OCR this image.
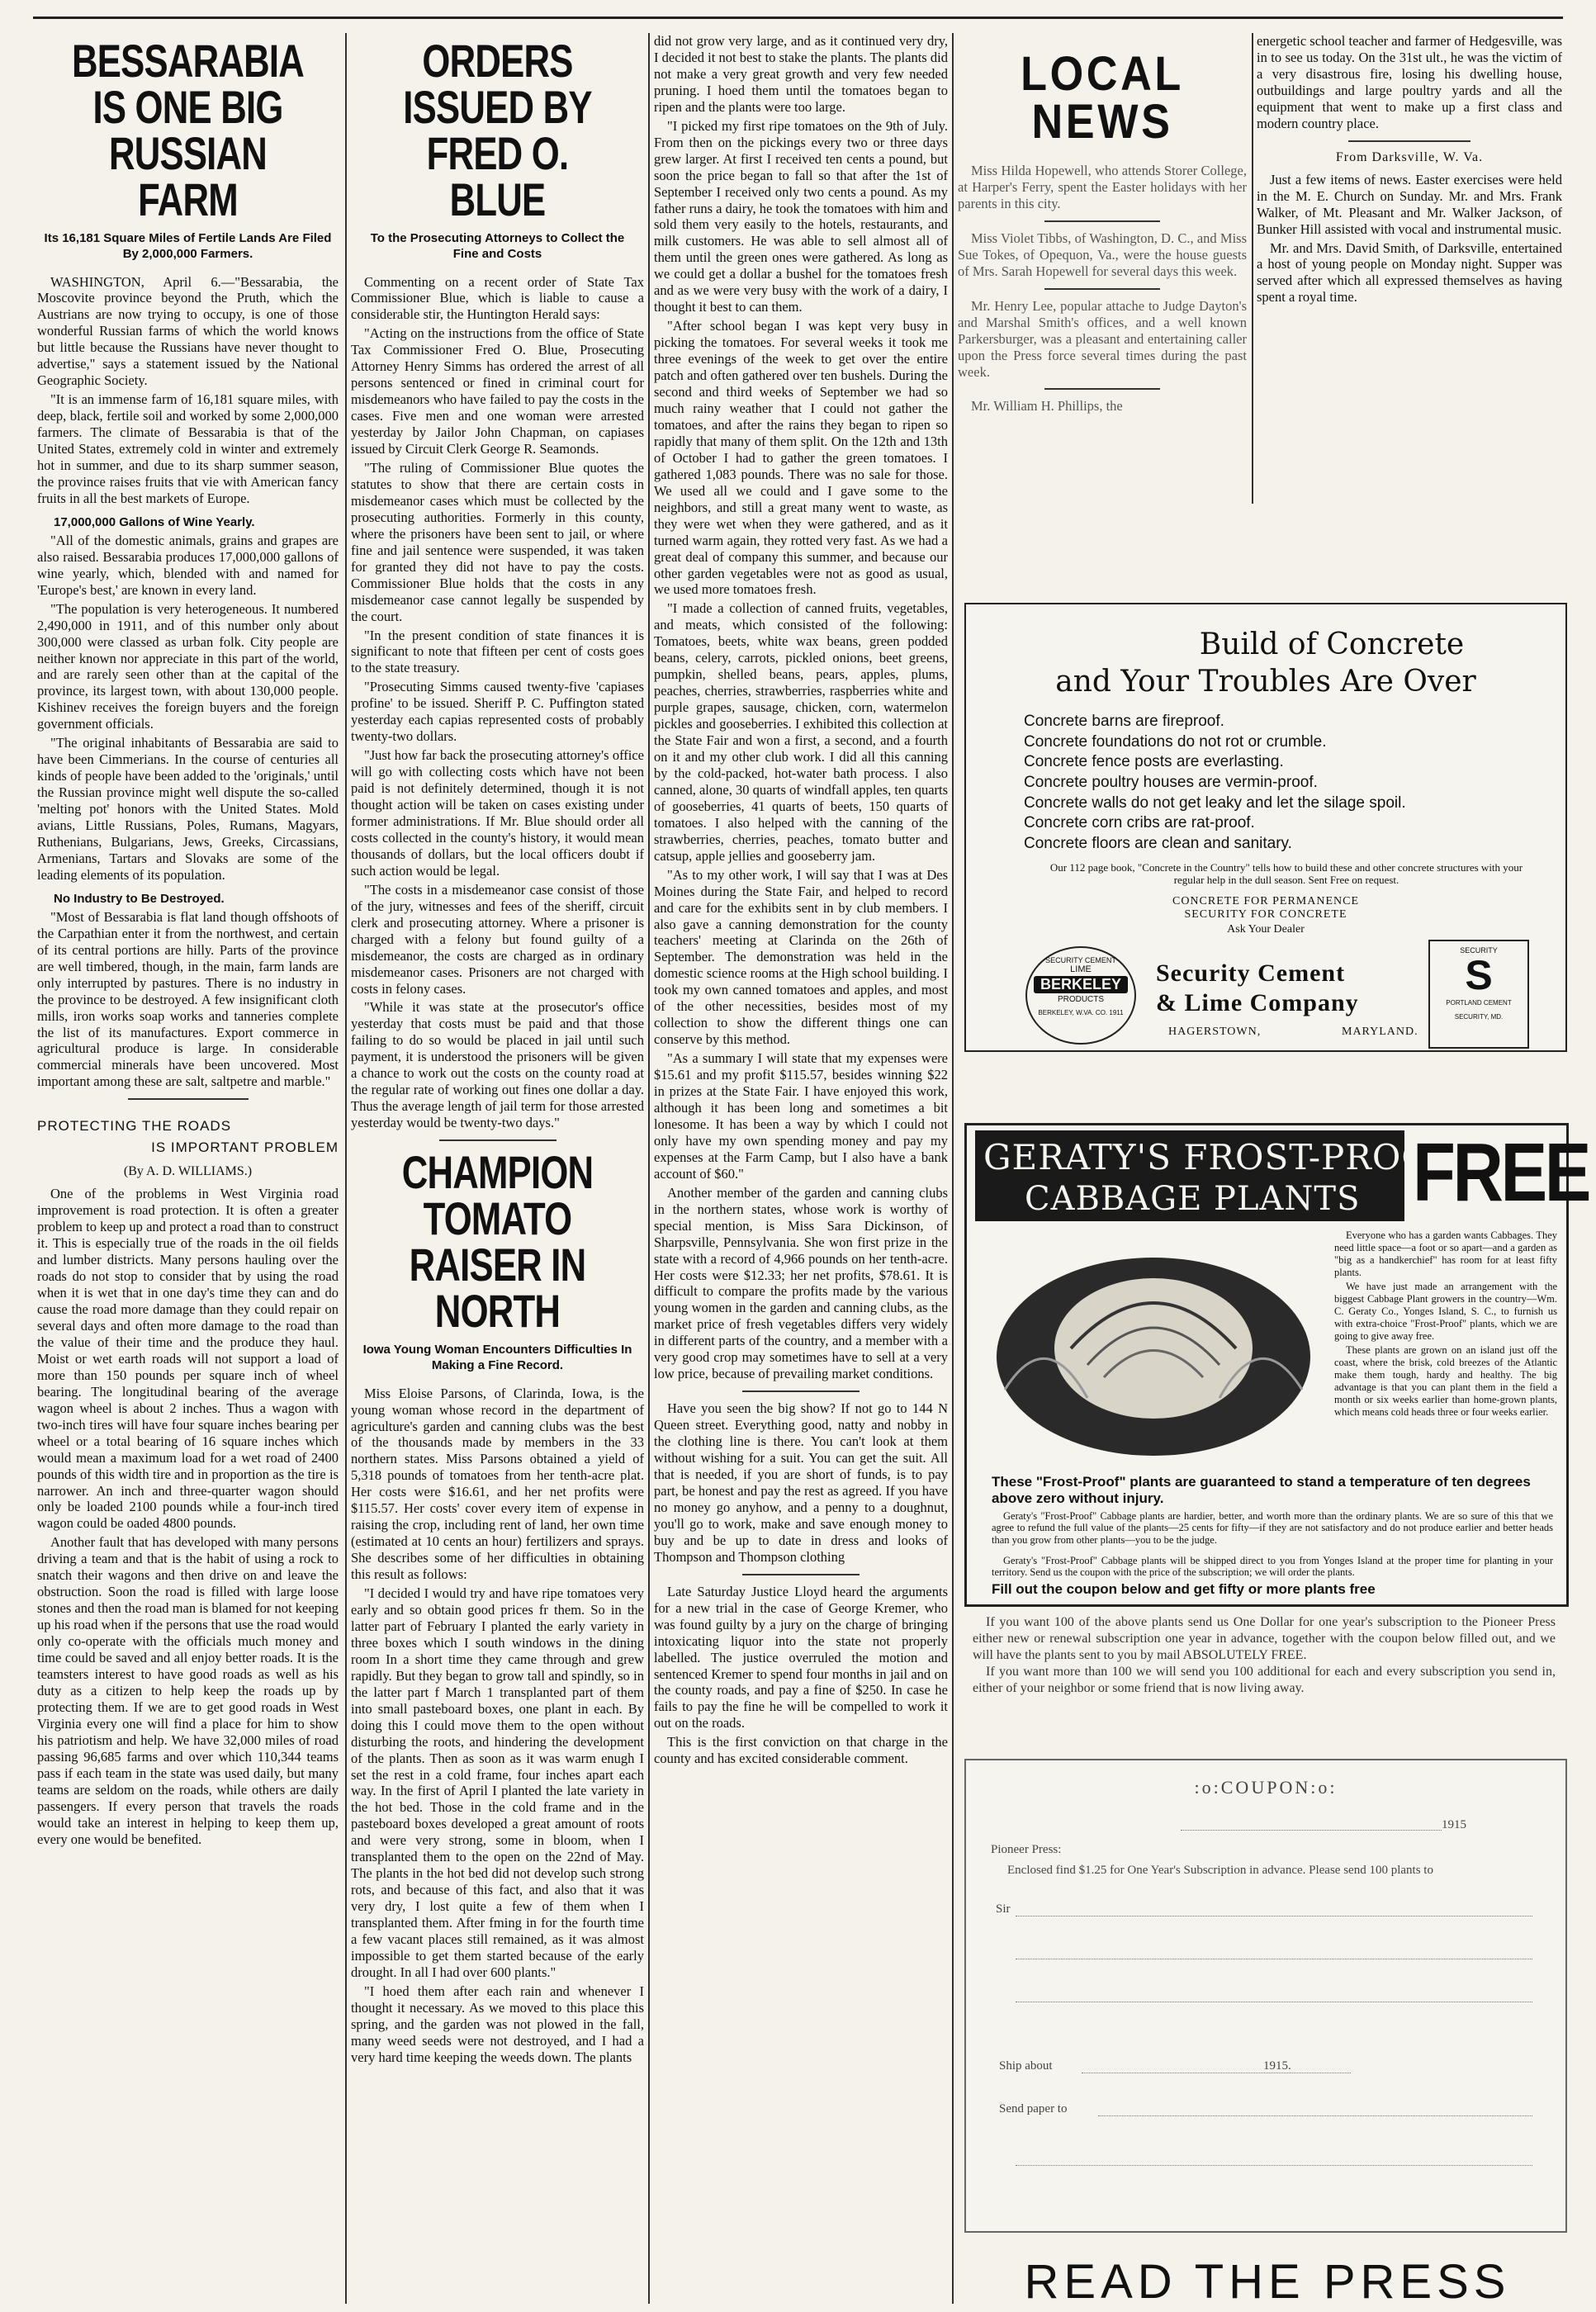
BESSARABIA IS ONE BIG RUSSIAN FARM
Its 16,181 Square Miles of Fertile Lands Are Filed By 2,000,000 Farmers.

WASHINGTON, April 6.—"Bessarabia, the Moscovite province beyond the Pruth, which the Austrians are now trying to occupy, is one of those wonderful Russian farms of which the world knows but little because the Russians have never thought to advertise," says a statement issued by the National Geographic Society.

"It is an immense farm of 16,181 square miles, with deep, black, fertile soil and worked by some 2,000,000 farmers. The climate of Bessarabia is that of the United States, extremely cold in winter and extremely hot in summer, and due to its sharp summer season, the province raises fruits that vie with American fancy fruits in all the best markets of Europe.

17,000,000 Gallons of Wine Yearly.

"All of the domestic animals, grains and grapes are also raised. Bessarabia produces 17,000,000 gallons of wine yearly, which, blended with and named for 'Europe's best,' are known in every land.

"The population is very heterogeneous. It numbered 2,490,000 in 1911, and of this number only about 300,000 were classed as urban folk. City people are neither known nor appreciate in this part of the world, and are rarely seen other than at the capital of the province, its largest town, with about 130,000 people. Kishinev receives the foreign buyers and the foreign government officials.

"The original inhabitants of Bessarabia are said to have been Cimmerians. In the course of centuries all kinds of people have been added to the 'originals,' until the Russian province might well dispute the so-called 'melting pot' honors with the United States. Mold avians, Little Russians, Poles, Rumans, Magyars, Ruthenians, Bulgarians, Jews, Greeks, Circassians, Armenians, Tartars and Slovaks are some of the leading elements of its population.

No Industry to Be Destroyed.

"Most of Bessarabia is flat land though offshoots of the Carpathian enter it from the northwest, and certain of its central portions are hilly. Parts of the province are well timbered, though, in the main, farm lands are only interrupted by pastures. There is no industry in the province to be destroyed. A few insignificant cloth mills, iron works soap works and tanneries complete the list of its manufactures. Export commerce in agricultural produce is large. In considerable commercial minerals have been uncovered. Most important among these are salt, saltpetre and marble."

PROTECTING THE ROADS
IS IMPORTANT PROBLEM
(By A. D. WILLIAMS.)

One of the problems in West Virginia road improvement is road protection. It is often a greater problem to keep up and protect a road than to construct it. This is especially true of the roads in the oil fields and lumber districts. Many persons hauling over the roads do not stop to consider that by using the road when it is wet that in one day's time they can and do cause the road more damage than they could repair on several days and often more damage to the road than the value of their time and the produce they haul. Moist or wet earth roads will not support a load of more than 150 pounds per square inch of wheel bearing. The longitudinal bearing of the average wagon wheel is about 2 inches. Thus a wagon with two-inch tires will have four square inches bearing per wheel or a total bearing of 16 square inches which would mean a maximum load for a wet road of 2400 pounds of this width tire and in proportion as the tire is narrower. An inch and three-quarter wagon should only be loaded 2100 pounds while a four-inch tired wagon could be oaded 4800 pounds.

Another fault that has developed with many persons driving a team and that is the habit of using a rock to snatch their wagons and then drive on and leave the obstruction. Soon the road is filled with large loose stones and then the road man is blamed for not keeping up his road when if the persons that use the road would only co-operate with the officials much money and time could be saved and all enjoy better roads. It is the teamsters interest to have good roads as well as his duty as a citizen to help keep the roads up by protecting them. If we are to get good roads in West Virginia every one will find a place for him to show his patriotism and help. We have 32,000 miles of road passing 96,685 farms and over which 110,344 teams pass if each team in the state was used daily, but many teams are seldom on the roads, while others are daily passengers. If every person that travels the roads would take an interest in helping to keep them up, every one would be benefited.

ORDERS ISSUED BY FRED O. BLUE
To the Prosecuting Attorneys to Collect the Fine and Costs

Commenting on a recent order of State Tax Commissioner Blue, which is liable to cause a considerable stir, the Huntington Herald says:

"Acting on the instructions from the office of State Tax Commissioner Fred O. Blue, Prosecuting Attorney Henry Simms has ordered the arrest of all persons sentenced or fined in criminal court for misdemeanors who have failed to pay the costs in the cases. Five men and one woman were arrested yesterday by Jailor John Chapman, on capiases issued by Circuit Clerk George R. Seamonds.

"The ruling of Commissioner Blue quotes the statutes to show that there are certain costs in misdemeanor cases which must be collected by the prosecuting authorities. Formerly in this county, where the prisoners have been sent to jail, or where fine and jail sentence were suspended, it was taken for granted they did not have to pay the costs. Commissioner Blue holds that the costs in any misdemeanor case cannot legally be suspended by the court.

"In the present condition of state finances it is significant to note that fifteen per cent of costs goes to the state treasury.

"Prosecuting Simms caused twenty-five 'capiases profine' to be issued. Sheriff P. C. Puffington stated yesterday each capias represented costs of probably twenty-two dollars.

"Just how far back the prosecuting attorney's office will go with collecting costs which have not been paid is not definitely determined, though it is not thought action will be taken on cases existing under former administrations. If Mr. Blue should order all costs collected in the county's history, it would mean thousands of dollars, but the local officers doubt if such action would be legal.

"The costs in a misdemeanor case consist of those of the jury, witnesses and fees of the sheriff, circuit clerk and prosecuting attorney. Where a prisoner is charged with a felony but found guilty of a misdemeanor, the costs are charged as in ordinary misdemeanor cases. Prisoners are not charged with costs in felony cases.

"While it was state at the prosecutor's office yesterday that costs must be paid and that those failing to do so would be placed in jail until such payment, it is understood the prisoners will be given a chance to work out the costs on the county road at the regular rate of working out fines one dollar a day. Thus the average length of jail term for those arrested yesterday would be twenty-two days."

CHAMPION TOMATO RAISER IN NORTH
Iowa Young Woman Encounters Difficulties In Making a Fine Record.

Miss Eloise Parsons, of Clarinda, Iowa, is the young woman whose record in the department of agriculture's garden and canning clubs was the best of the thousands made by members in the 33 northern states. Miss Parsons obtained a yield of 5,318 pounds of tomatoes from her tenth-acre plat. Her costs were $16.61, and her net profits were $115.57. Her costs' cover every item of expense in raising the crop, including rent of land, her own time (estimated at 10 cents an hour) fertilizers and sprays. She describes some of her difficulties in obtaining this result as follows:

"I decided I would try and have ripe tomatoes very early and so obtain good prices fr them. So in the latter part of February I planted the early variety in three boxes which I south windows in the dining room In a short time they came through and grew rapidly. But they began to grow tall and spindly, so in the latter part f March 1 transplanted part of them into small pasteboard boxes, one plant in each. By doing this I could move them to the open without disturbing the roots, and hindering the development of the plants. Then as soon as it was warm enugh I set the rest in a cold frame, four inches apart each way. In the first of April I planted the late variety in the hot bed. Those in the cold frame and in the pasteboard boxes developed a great amount of roots and were very strong, some in bloom, when I transplanted them to the open on the 22nd of May. The plants in the hot bed did not develop such strong rots, and because of this fact, and also that it was very dry, I lost quite a few of them when I transplanted them. After fming in for the fourth time a few vacant places still remained, as it was almost impossible to get them started because of the early drought. In all I had over 600 plants."

"I hoed them after each rain and whenever I thought it necessary. As we moved to this place this spring, and the garden was not plowed in the fall, many weed seeds were not destroyed, and I had a very hard time keeping the weeds down. The plants

did not grow very large, and as it continued very dry, I decided it not best to stake the plants. The plants did not make a very great growth and very few needed pruning. I hoed them until the tomatoes began to ripen and the plants were too large.

"I picked my first ripe tomatoes on the 9th of July. From then on the pickings every two or three days grew larger. At first I received ten cents a pound, but soon the price began to fall so that after the 1st of September I received only two cents a pound. As my father runs a dairy, he took the tomatoes with him and sold them very easily to the hotels, restaurants, and milk customers. He was able to sell almost all of them until the green ones were gathered. As long as we could get a dollar a bushel for the tomatoes fresh and as we were very busy with the work of a dairy, I thought it best to can them.

"After school began I was kept very busy in picking the tomatoes. For several weeks it took me three evenings of the week to get over the entire patch and often gathered over ten bushels. During the second and third weeks of September we had so much rainy weather that I could not gather the tomatoes, and after the rains they began to ripen so rapidly that many of them split. On the 12th and 13th of October I had to gather the green tomatoes. I gathered 1,083 pounds. There was no sale for those. We used all we could and I gave some to the neighbors, and still a great many went to waste, as they were wet when they were gathered, and as it turned warm again, they rotted very fast. As we had a great deal of company this summer, and because our other garden vegetables were not as good as usual, we used more tomatoes fresh.

"I made a collection of canned fruits, vegetables, and meats, which consisted of the following: Tomatoes, beets, white wax beans, green podded beans, celery, carrots, pickled onions, beet greens, pumpkin, shelled beans, pears, apples, plums, peaches, cherries, strawberries, raspberries white and purple grapes, sausage, chicken, corn, watermelon pickles and gooseberries. I exhibited this collection at the State Fair and won a first, a second, and a fourth on it and my other club work. I did all this canning by the cold-packed, hot-water bath process. I also canned, alone, 30 quarts of windfall apples, ten quarts of gooseberries, 41 quarts of beets, 150 quarts of tomatoes. I also helped with the canning of the strawberries, cherries, peaches, tomato butter and catsup, apple jellies and gooseberry jam.

"As to my other work, I will say that I was at Des Moines during the State Fair, and helped to record and care for the exhibits sent in by club members. I also gave a canning demonstration for the county teachers' meeting at Clarinda on the 26th of September. The demonstration was held in the domestic science rooms at the High school building. I took my own canned tomatoes and apples, and most of the other necessities, besides most of my collection to show the different things one can conserve by this method.

"As a summary I will state that my expenses were $15.61 and my profit $115.57, besides winning $22 in prizes at the State Fair. I have enjoyed this work, although it has been long and sometimes a bit lonesome. It has been a way by which I could not only have my own spending money and pay my expenses at the Farm Camp, but I also have a bank account of $60."

Another member of the garden and canning clubs in the northern states, whose work is worthy of special mention, is Miss Sara Dickinson, of Sharpsville, Pennsylvania. She won first prize in the state with a record of 4,966 pounds on her tenth-acre. Her costs were $12.33; her net profits, $78.61. It is difficult to compare the profits made by the various young women in the garden and canning clubs, as the market price of fresh vegetables differs very widely in different parts of the country, and a member with a very good crop may sometimes have to sell at a very low price, because of prevailing market conditions.

Have you seen the big show? If not go to 144 N Queen street. Everything good, natty and nobby in the clothing line is there. You can't look at them without wishing for a suit. You can get the suit. All that is needed, if you are short of funds, is to pay part, be honest and pay the rest as agreed. If you have no money go anyhow, and a penny to a doughnut, you'll go to work, make and save enough money to buy and be up to date in dress and looks of Thompson and Thompson clothing

Late Saturday Justice Lloyd heard the arguments for a new trial in the case of George Kremer, who was found guilty by a jury on the charge of bringing intoxicating liquor into the state not properly labelled. The justice overruled the motion and sentenced Kremer to spend four months in jail and on the county roads, and pay a fine of $250. In case he fails to pay the fine he will be compelled to work it out on the roads.

This is the first conviction on that charge in the county and has excited considerable comment.

LOCAL NEWS

Miss Hilda Hopewell, who attends Storer College, at Harper's Ferry, spent the Easter holidays with her parents in this city.

Miss Violet Tibbs, of Washington, D. C., and Miss Sue Tokes, of Opequon, Va., were the house guests of Mrs. Sarah Hopewell for several days this week.

Mr. Henry Lee, popular attache to Judge Dayton's and Marshal Smith's offices, and a well known Parkersburger, was a pleasant and entertaining caller upon the Press force several times during the past week.

Mr. William H. Phillips, the

energetic school teacher and farmer of Hedgesville, was in to see us today. On the 31st ult., he was the victim of a very disastrous fire, losing his dwelling house, outbuildings and large poultry yards and all the equipment that went to make up a first class and modern country place.

From Darksville, W. Va.

Just a few items of news. Easter exercises were held in the M. E. Church on Sunday. Mr. and Mrs. Frank Walker, of Mt. Pleasant and Mr. Walker Jackson, of Bunker Hill assisted with vocal and instrumental music.

Mr. and Mrs. David Smith, of Darksville, entertained a host of young people on Monday night. Supper was served after which all expressed themselves as having spent a royal time.

Build of Concrete
and Your Troubles Are Over
Concrete barns are fireproof.
Concrete foundations do not rot or crumble.
Concrete fence posts are everlasting.
Concrete poultry houses are vermin-proof.
Concrete walls do not get leaky and let the silage spoil.
Concrete corn cribs are rat-proof.
Concrete floors are clean and sanitary.
Our 112 page book, "Concrete in the Country" tells how to build these and other concrete structures with your regular help in the dull season. Sent Free on request.
CONCRETE FOR PERMANENCE
SECURITY FOR CONCRETE
Ask Your Dealer
Security Cement
& Lime Company
HAGERSTOWN,	MARYLAND.
SECURITY CEMENT
LIME
BERKELEY
PRODUCTS
BERKELEY, W.VA. CO. 1911
SECURITY
S
PORTLAND CEMENT
SECURITY, MD.
GERATY'S FROST-PROOF
CABBAGE PLANTS FREE
Everyone who has a garden wants Cabbages. They need little space—a foot or so apart—and a garden as "big as a handkerchief" has room for at least fifty plants.
We have just made an arrangement with the biggest Cabbage Plant growers in the country—Wm. C. Geraty Co., Yonges Island, S. C., to furnish us with extra-choice "Frost-Proof" plants, which we are going to give away free.
These plants are grown on an island just off the coast, where the brisk, cold breezes of the Atlantic make them tough, hardy and healthy. The big advantage is that you can plant them in the field a month or six weeks earlier than home-grown plants, which means cold heads three or four weeks earlier.
These "Frost-Proof" plants are guaranteed to stand a temperature of ten degrees above zero without injury.
Geraty's "Frost-Proof" Cabbage plants are hardier, better, and worth more than the ordinary plants. We are so sure of this that we agree to refund the full value of the plants—25 cents for fifty—if they are not satisfactory and do not produce earlier and better heads than you grow from other plants—you to be the judge.
Geraty's "Frost-Proof" Cabbage plants will be shipped direct to you from Yonges Island at the proper time for planting in your territory. Send us the coupon with the price of the subscription; we will order the plants.
Fill out the coupon below and get fifty or more plants free

If you want 100 of the above plants send us One Dollar for one year's subscription to the Pioneer Press either new or renewal subscription one year in advance, together with the coupon below filled out, and we will have the plants sent to you by mail ABSOLUTELY FREE.

If you want more than 100 we will send you 100 additional for each and every subscription you send in, either of your neighbor or some friend that is now living away.

:o:COUPON:o:
1915
Pioneer Press:
Enclosed find $1.25 for One Year's Subscription in advance. Please send 100 plants to
Sir
Ship about	1915.
Send paper to
READ THE PRESS
